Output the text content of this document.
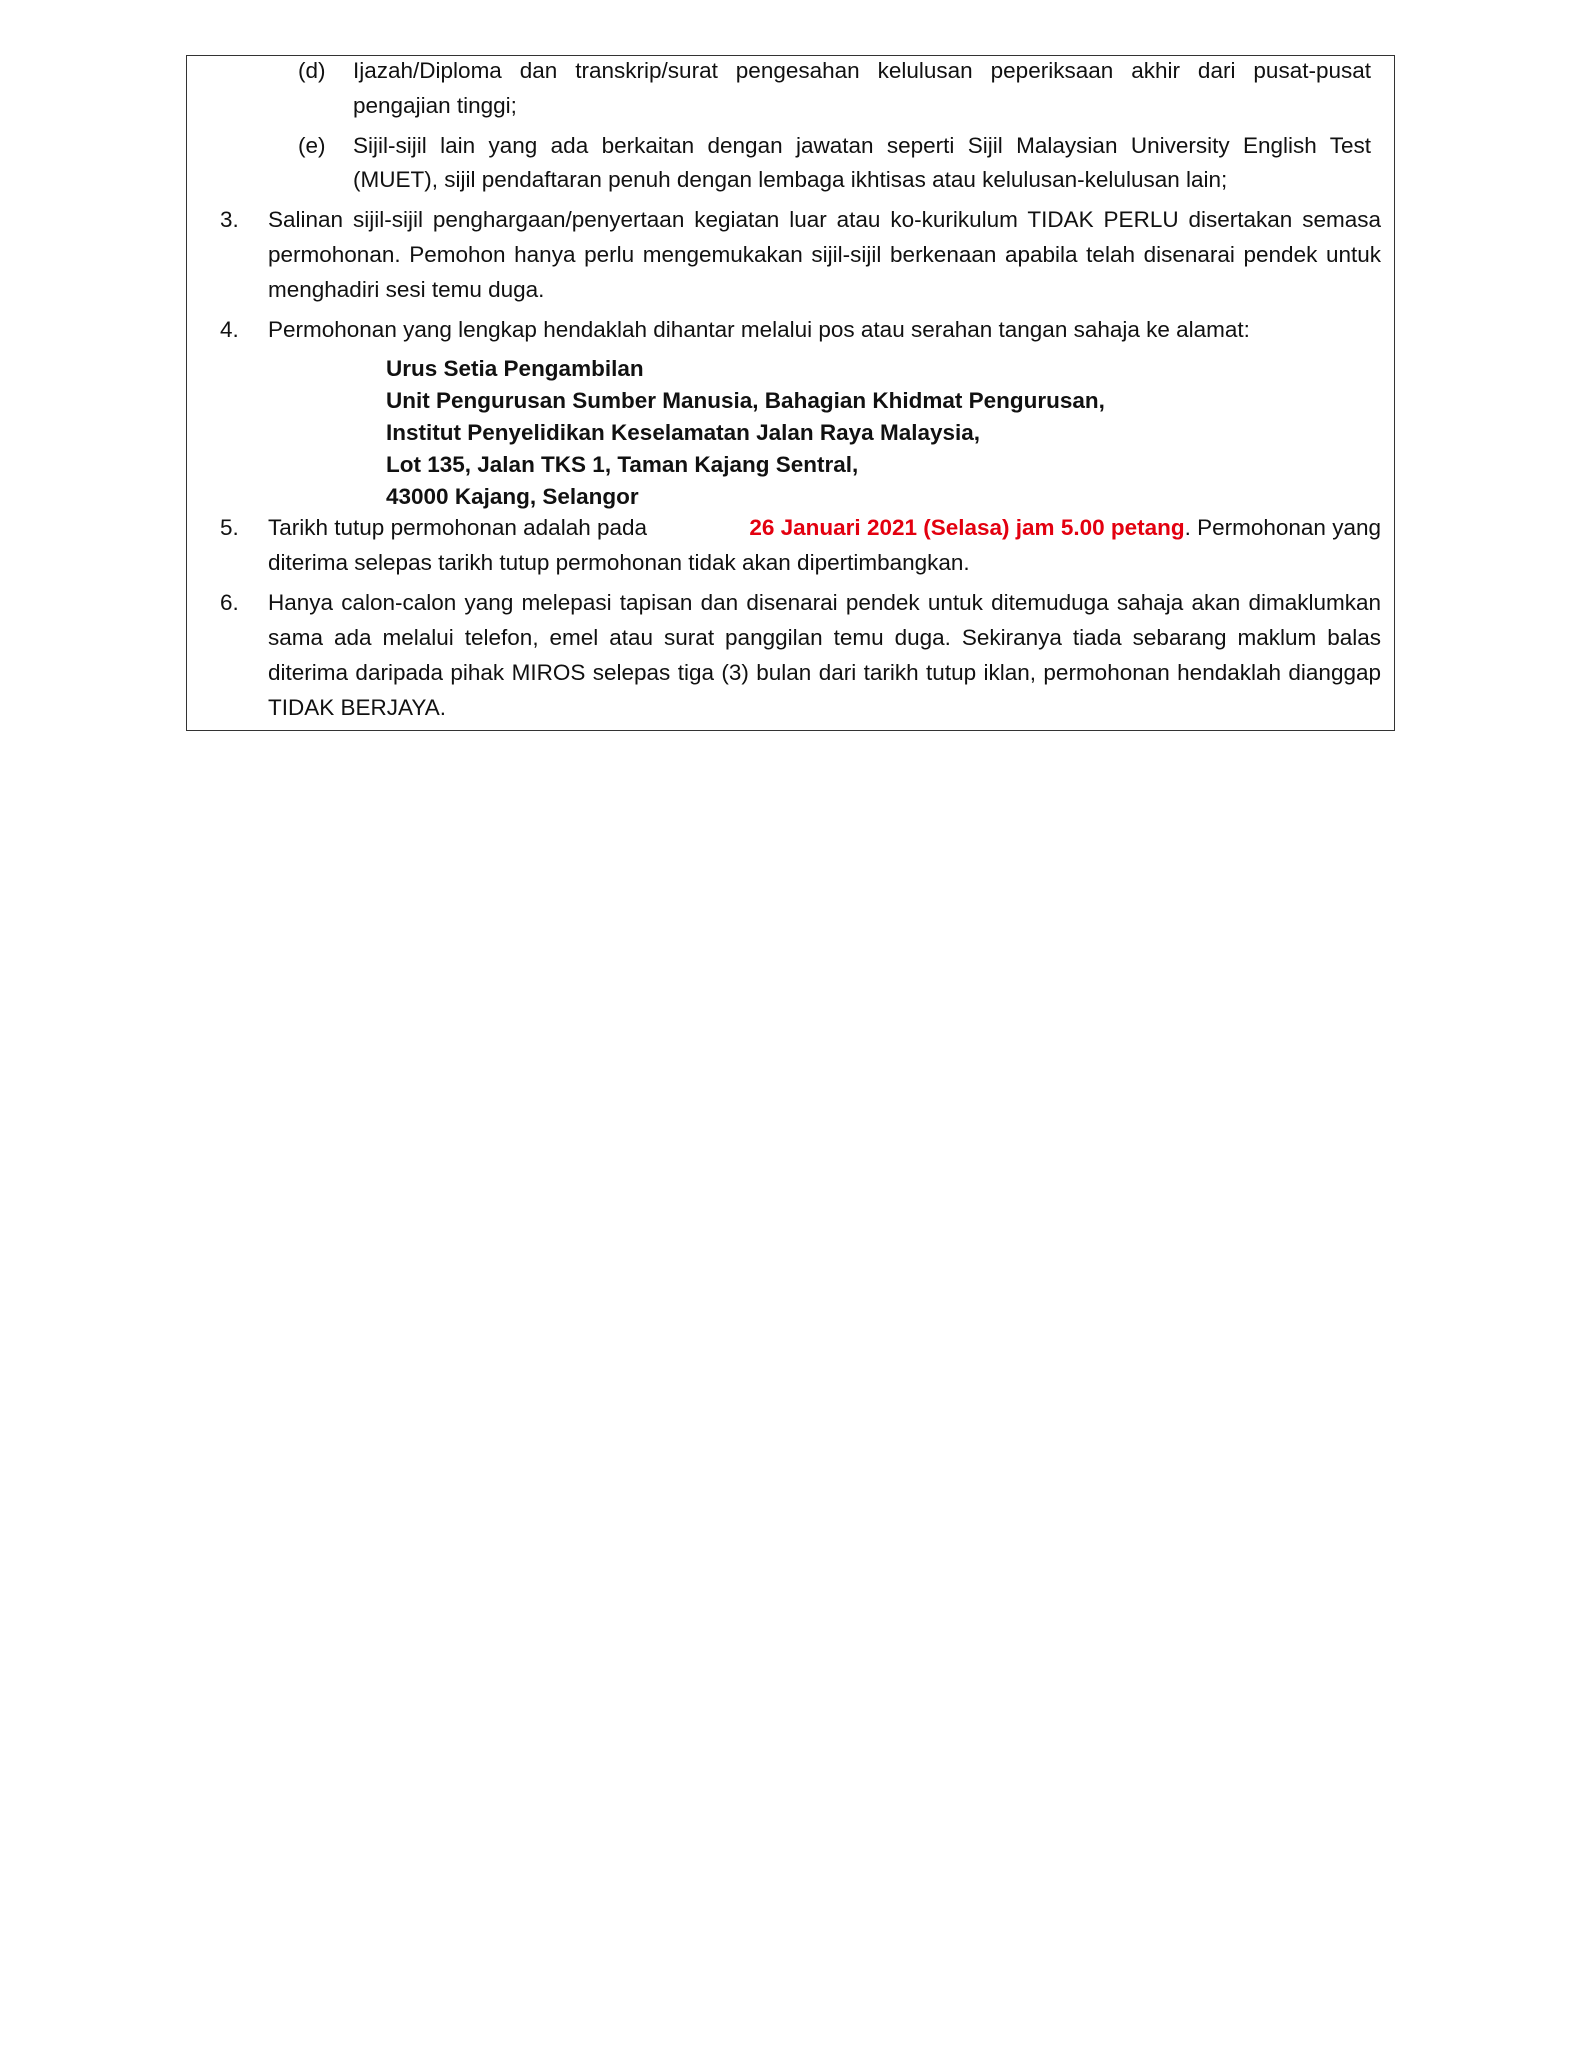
(d) Ijazah/Diploma dan transkrip/surat pengesahan kelulusan peperiksaan akhir dari pusat-pusat
pengajian tinggi;
(e) Sijil-sijil lain yang ada berkaitan dengan jawatan seperti Sijil Malaysian University English Test
(MUET), sijil pendaftaran penuh dengan lembaga ikhtisas atau kelulusan-kelulusan lain;
3. Salinan sijil-sijil penghargaan/penyertaan kegiatan luar atau ko-kurikulum TIDAK PERLU disertakan semasa
permohonan. Pemohon hanya perlu mengemukakan sijil-sijil berkenaan apabila telah disenarai pendek untuk
menghadiri sesi temu duga.
4. Permohonan yang lengkap hendaklah dihantar melalui pos atau serahan tangan sahaja ke alamat:
Urus Setia Pengambilan
Unit Pengurusan Sumber Manusia, Bahagian Khidmat Pengurusan,
Institut Penyelidikan Keselamatan Jalan Raya Malaysia,
Lot 135, Jalan TKS 1, Taman Kajang Sentral,
43000 Kajang, Selangor
5. Tarikh tutup permohonan adalah pada	26 Januari 2021 (Selasa) jam 5.00 petang. Permohonan yang
diterima selepas tarikh tutup permohonan tidak akan dipertimbangkan.
6. Hanya calon-calon yang melepasi tapisan dan disenarai pendek untuk ditemuduga sahaja akan dimaklumkan
sama ada melalui telefon, emel atau surat panggilan temu duga. Sekiranya tiada sebarang maklum balas
diterima daripada pihak MIROS selepas tiga (3) bulan dari tarikh tutup iklan, permohonan hendaklah dianggap
TIDAK BERJAYA.
